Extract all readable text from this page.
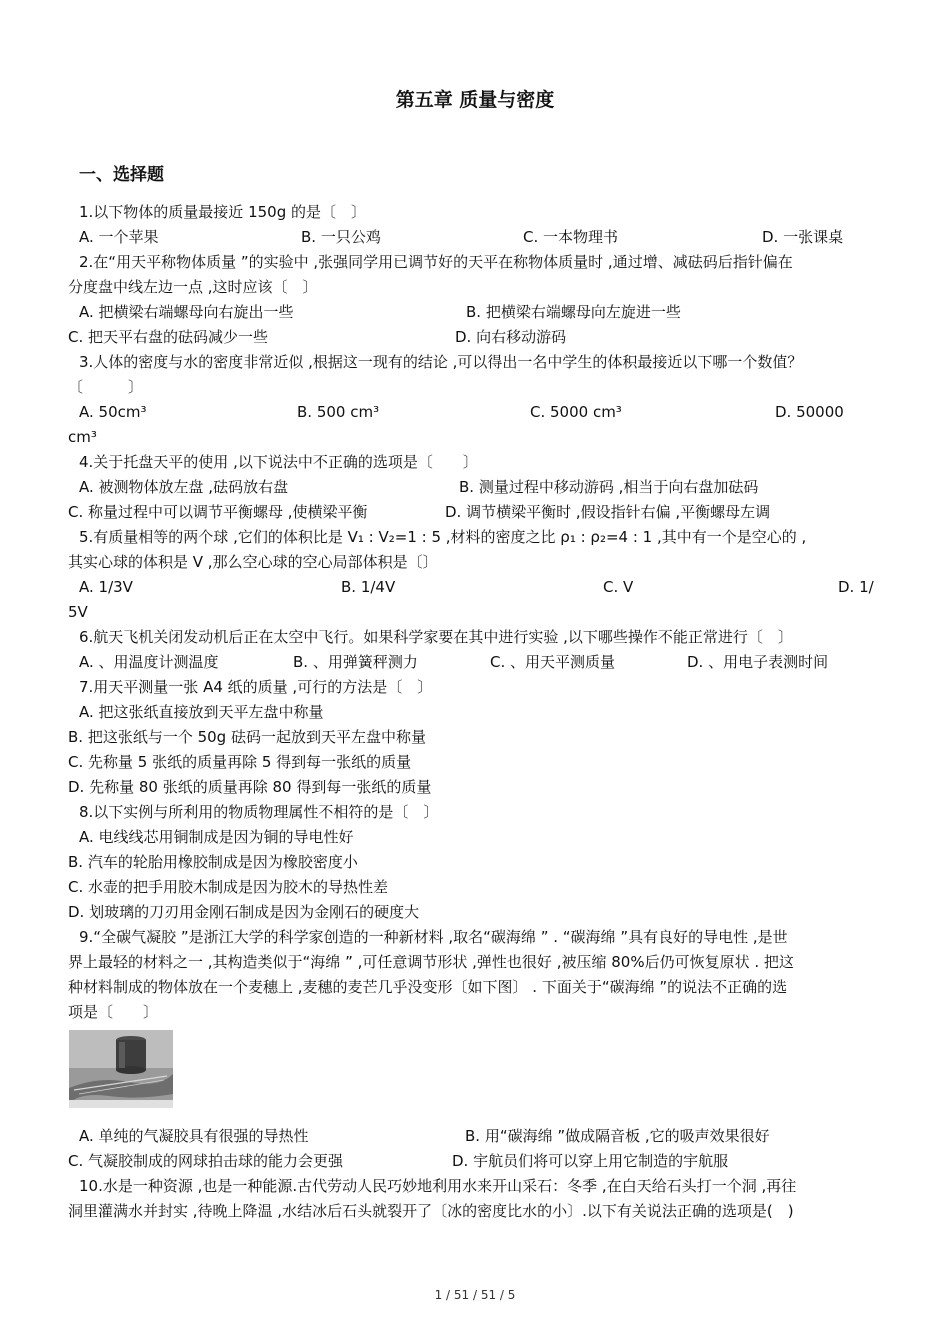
第五章 质量与密度
一、选择题
1.以下物体的质量最接近 150g 的是〔　〕
A. 一个苹果	B. 一只公鸡	C. 一本物理书	D. 一张课桌
2.在“用天平称物体质量 ”的实验中 ,张强同学用已调节好的天平在称物体质量时 ,通过增、减砝码后指针偏在
分度盘中线左边一点 ,这时应该〔　〕
A. 把横梁右端螺母向右旋出一些	B. 把横梁右端螺母向左旋进一些
C. 把天平右盘的砝码减少一些	D. 向右移动游码
3.人体的密度与水的密度非常近似 ,根据这一现有的结论 ,可以得出一名中学生的体积最接近以下哪一个数值？
〔　　　〕
A. 50cm³	B. 500 cm³	C. 5000 cm³	D. 50000
cm³
4.关于托盘天平的使用 ,以下说法中不正确的选项是〔　　〕
A. 被测物体放左盘 ,砝码放右盘	B. 测量过程中移动游码 ,相当于向右盘加砝码
C. 称量过程中可以调节平衡螺母 ,使横梁平衡	D. 调节横梁平衡时 ,假设指针右偏 ,平衡螺母左调
5.有质量相等的两个球 ,它们的体积比是 V₁ : V₂=1 : 5 ,材料的密度之比 ρ₁ : ρ₂=4 : 1 ,其中有一个是空心的 ,
其实心球的体积是 V ,那么空心球的空心局部体积是〔〕
A. 1/3V	B. 1/4V	C. V	D. 1/
5V
6.航天飞机关闭发动机后正在太空中飞行。如果科学家要在其中进行实验 ,以下哪些操作不能正常进行〔　〕
A. 、用温度计测温度	B. 、用弹簧秤测力	C. 、用天平测质量	D. 、用电子表测时间
7.用天平测量一张 A4 纸的质量 ,可行的方法是〔　〕
A. 把这张纸直接放到天平左盘中称量
B. 把这张纸与一个 50g 砝码一起放到天平左盘中称量
C. 先称量 5 张纸的质量再除 5 得到每一张纸的质量
D. 先称量 80 张纸的质量再除 80 得到每一张纸的质量
8.以下实例与所利用的物质物理属性不相符的是〔　〕
A. 电线线芯用铜制成是因为铜的导电性好
B. 汽车的轮胎用橡胶制成是因为橡胶密度小
C. 水壶的把手用胶木制成是因为胶木的导热性差
D. 划玻璃的刀刃用金刚石制成是因为金刚石的硬度大
9.“全碳气凝胶 ”是浙江大学的科学家创造的一种新材料 ,取名“碳海绵 ” . “碳海绵 ”具有良好的导电性 ,是世
界上最轻的材料之一 ,其构造类似于“海绵 ” ,可任意调节形状 ,弹性也很好 ,被压缩 80%后仍可恢复原状 . 把这
种材料制成的物体放在一个麦穗上 ,麦穗的麦芒几乎没变形〔如下图〕 . 下面关于“碳海绵 ”的说法不正确的选
项是〔　　〕
A. 单纯的气凝胶具有很强的导热性	B. 用“碳海绵 ”做成隔音板 ,它的吸声效果很好
C. 气凝胶制成的网球拍击球的能力会更强	D. 宇航员们将可以穿上用它制造的宇航服
10.水是一种资源 ,也是一种能源.古代劳动人民巧妙地利用水来开山采石：冬季 ,在白天给石头打一个洞 ,再往
洞里灌满水并封实 ,待晚上降温 ,水结冰后石头就裂开了〔冰的密度比水的小〕.以下有关说法正确的选项是(　)
1 / 51 / 51 / 5
